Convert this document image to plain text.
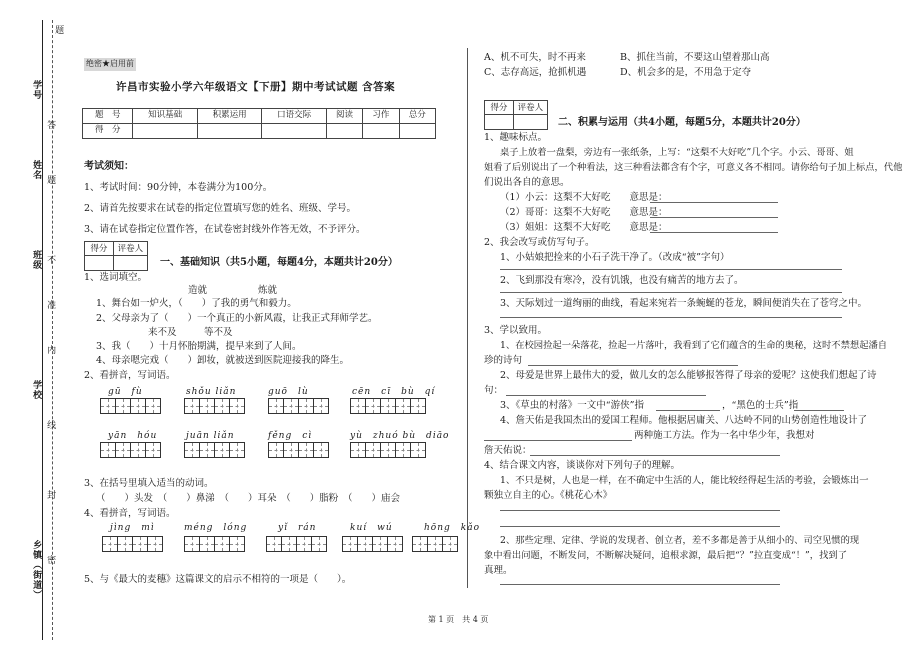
题
学号
姓名
班级
学校
乡镇（街道）
答
题
不
准
内
线
封
密
绝密★启用前
许昌市实验小学六年级语文【下册】期中考试试题 含答案
题　号	知识基础	积累运用	口语交际	阅读	习作	总分
得　分						
考试须知：
1、考试时间：90分钟，本卷满分为100分。
2、请首先按要求在试卷的指定位置填写您的姓名、班级、学号。
3、请在试卷指定位置作答，在试卷密封线外作答无效，不予评分。
得分	评卷人
一、基础知识（共5小题，每题4分，本题共计20分）
1、选词填空。
造就	炼就
1、舞台如一炉火，（　　）了我的勇气和毅力。
2、父母亲为了（　　）一个真正的小新风霞，让我正式拜师学艺。
来不及	等不及
3、我（　　）十月怀胎期满，提早来到了人间。
4、母亲嗯完戏（　　）卸妆，就被送到医院迎接我的降生。
2、看拼音，写词语。
gū　fù	shǒu liǎn	guō　lù	cēn　cī　bù　qí
yān　hóu	juān liǎn	fěng　cì	yù　zhuó bù　diāo
3、在括号里填入适当的动词。
（　　）头发　（　　）鼻涕　（　　）耳朵　（　　）脂粉　（　　）庙会
4、看拼音，写词语。
jìng　mì	méng　lóng	yǐ　rán	kuí　wú	hōng　kǎo
5、与《最大的麦穗》这篇课文的启示不相符的一项是（　　）。
A、机不可失，时不再来	B、抓住当前，不要这山望着那山高
C、志存高远，抢抓机遇	D、机会多的是，不用急于定夺
得分	评卷人
二、积累与运用（共4小题，每题5分，本题共计20分）
1、趣味标点。
桌子上放着一盘梨，旁边有一张纸条，上写：“这梨不大好吃”几个字。小云、哥哥、姐
姐看了后别说出了一个种看法，这三种看法都含有个字，可意义各不相同。请你给句子加上标点，代他
们说出各自的意思。
（1）小云：这梨不大好吃　　意思是：
（2）哥哥：这梨不大好吃　　意思是：
（3）姐姐：这梨不大好吃　　意思是：
2、我会改写或仿写句子。
1、小姑娘把捡来的小石子洗干净了。（改成“被”字句）
2、飞到那没有寒冷，没有饥饿，也没有痛苦的地方去了。
3、天际划过一道绚丽的曲线，看起来宛若一条蜿蜒的苍龙，瞬间便消失在了苍穹之中。
3、学以致用。
1、在校园捡起一朵落花，捡起一片落叶，我看到了它们蕴含的生命的奥秘，这时不禁想起潘自
珍的诗句
2、母爱是世界上最伟大的爱，做儿女的怎么能够报答得了母亲的爱呢？这使我们想起了诗
句：
3、《草虫的村落》一文中“游侠”指	，“黑色的士兵”指
4、詹天佑是我国杰出的爱国工程师。他根据居庸关、八达岭不同的山势创造性地设计了
两种施工方法。作为一名中华少年，我想对
詹天佑说：
4、结合课文内容，谈谈你对下列句子的理解。
1、不只是树，人也是一样，在不确定中生活的人，能比较经得起生活的考验，会锻炼出一
颗独立自主的心。《桃花心木》
2、那些定理、定律、学说的发现者、创立者，差不多都是善于从细小的、司空见惯的现
象中看出问题，不断发问，不断解决疑问，追根求源，最后把“？”拉直变成“！”，找到了
真理。
第 1 页　共 4 页
